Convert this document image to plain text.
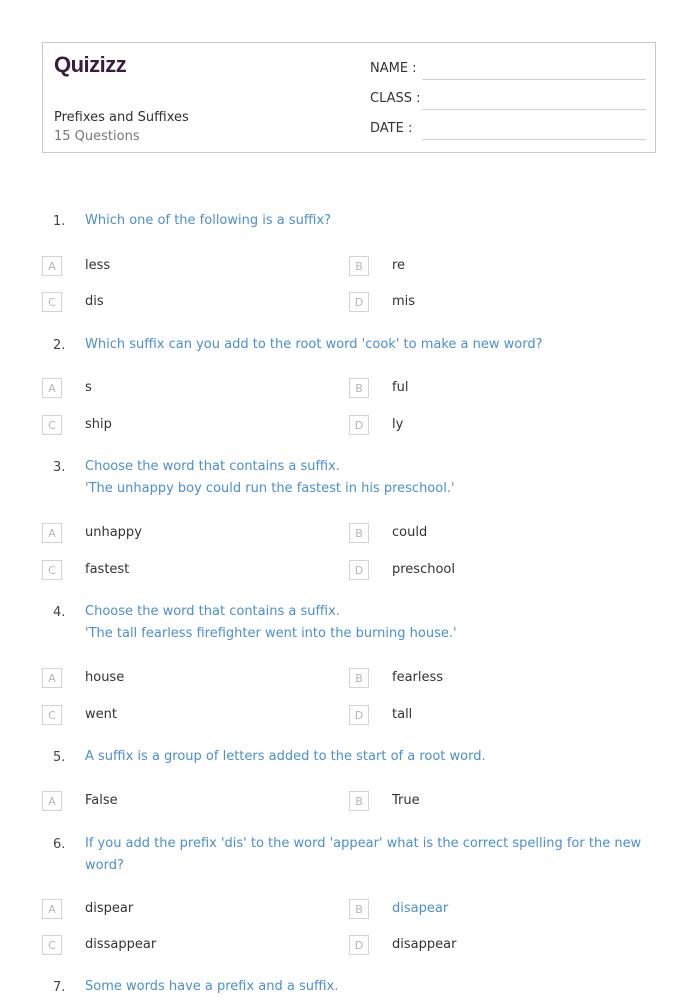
Quizizz
Prefixes and Suffixes
15 Questions
NAME :
CLASS :
DATE :
1. Which one of the following is a suffix?
A	less	B	re
C	dis	D	mis
2. Which suffix can you add to the root word 'cook' to make a new word?
A	s	B	ful
C	ship	D	ly
3. Choose the word that contains a suffix.
'The unhappy boy could run the fastest in his preschool.'
A	unhappy	B	could
C	fastest	D	preschool
4. Choose the word that contains a suffix.
'The tall fearless firefighter went into the burning house.'
A	house	B	fearless
C	went	D	tall
5. A suffix is a group of letters added to the start of a root word.
A	False	B	True
6. If you add the prefix 'dis' to the word 'appear' what is the correct spelling for the new word?
A	dispear	B	disapear
C	dissappear	D	disappear
7. Some words have a prefix and a suffix.
